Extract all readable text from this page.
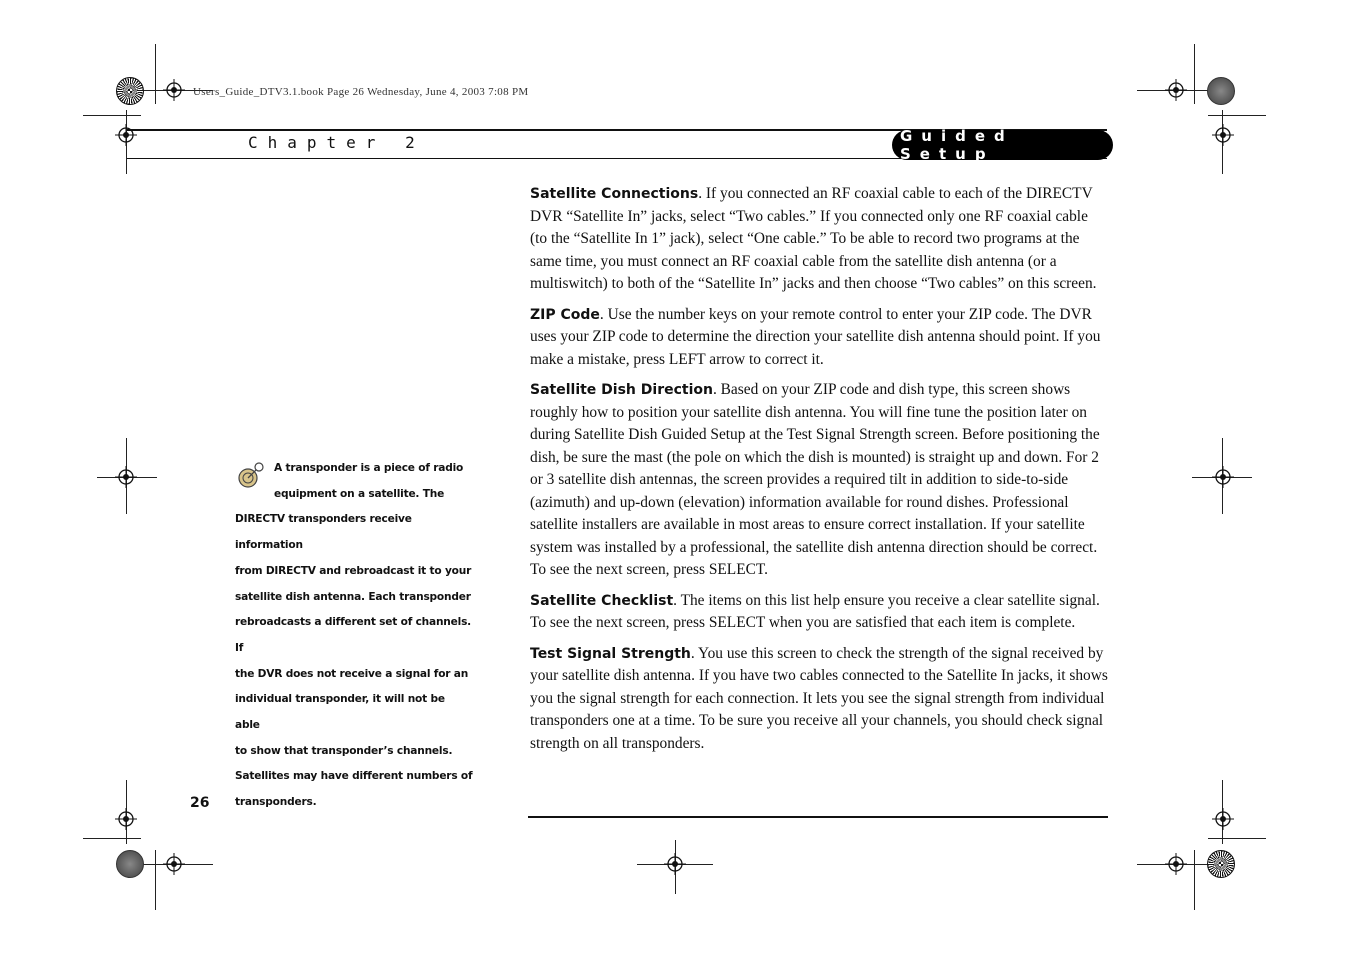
Users_Guide_DTV3.1.book Page 26 Wednesday, June 4, 2003 7:08 PM
Chapter 2	Guided Setup

Satellite Connections. If you connected an RF coaxial cable to each of the DIRECTV DVR “Satellite In” jacks, select “Two cables.” If you connected only one RF coaxial cable (to the “Satellite In 1” jack), select “One cable.” To be able to record two programs at the same time, you must connect an RF coaxial cable from the satellite dish antenna (or a multiswitch) to both of the “Satellite In” jacks and then choose “Two cables” on this screen.

ZIP Code. Use the number keys on your remote control to enter your ZIP code. The DVR uses your ZIP code to determine the direction your satellite dish antenna should point. If you make a mistake, press LEFT arrow to correct it.

Satellite Dish Direction. Based on your ZIP code and dish type, this screen shows roughly how to position your satellite dish antenna. You will fine tune the position later on during Satellite Dish Guided Setup at the Test Signal Strength screen. Before positioning the dish, be sure the mast (the pole on which the dish is mounted) is straight up and down. For 2 or 3 satellite dish antennas, the screen provides a required tilt in addition to side-to-side (azimuth) and up-down (elevation) information available for round dishes. Professional satellite installers are available in most areas to ensure correct installation. If your satellite system was installed by a professional, the satellite dish antenna direction should be correct. To see the next screen, press SELECT.

Satellite Checklist. The items on this list help ensure you receive a clear satellite signal. To see the next screen, press SELECT when you are satisfied that each item is complete.

Test Signal Strength. You use this screen to check the strength of the signal received by your satellite dish antenna. If you have two cables connected to the Satellite In jacks, it shows you the signal strength for each connection. It lets you see the signal strength from individual transponders one at a time. To be sure you receive all your channels, you should check signal strength on all transponders.

A transponder is a piece of radio
equipment on a satellite. The
DIRECTV transponders receive information
from DIRECTV and rebroadcast it to your
satellite dish antenna. Each transponder
rebroadcasts a different set of channels. If
the DVR does not receive a signal for an
individual transponder, it will not be able
to show that transponder’s channels.
Satellites may have different numbers of
transponders.
26
